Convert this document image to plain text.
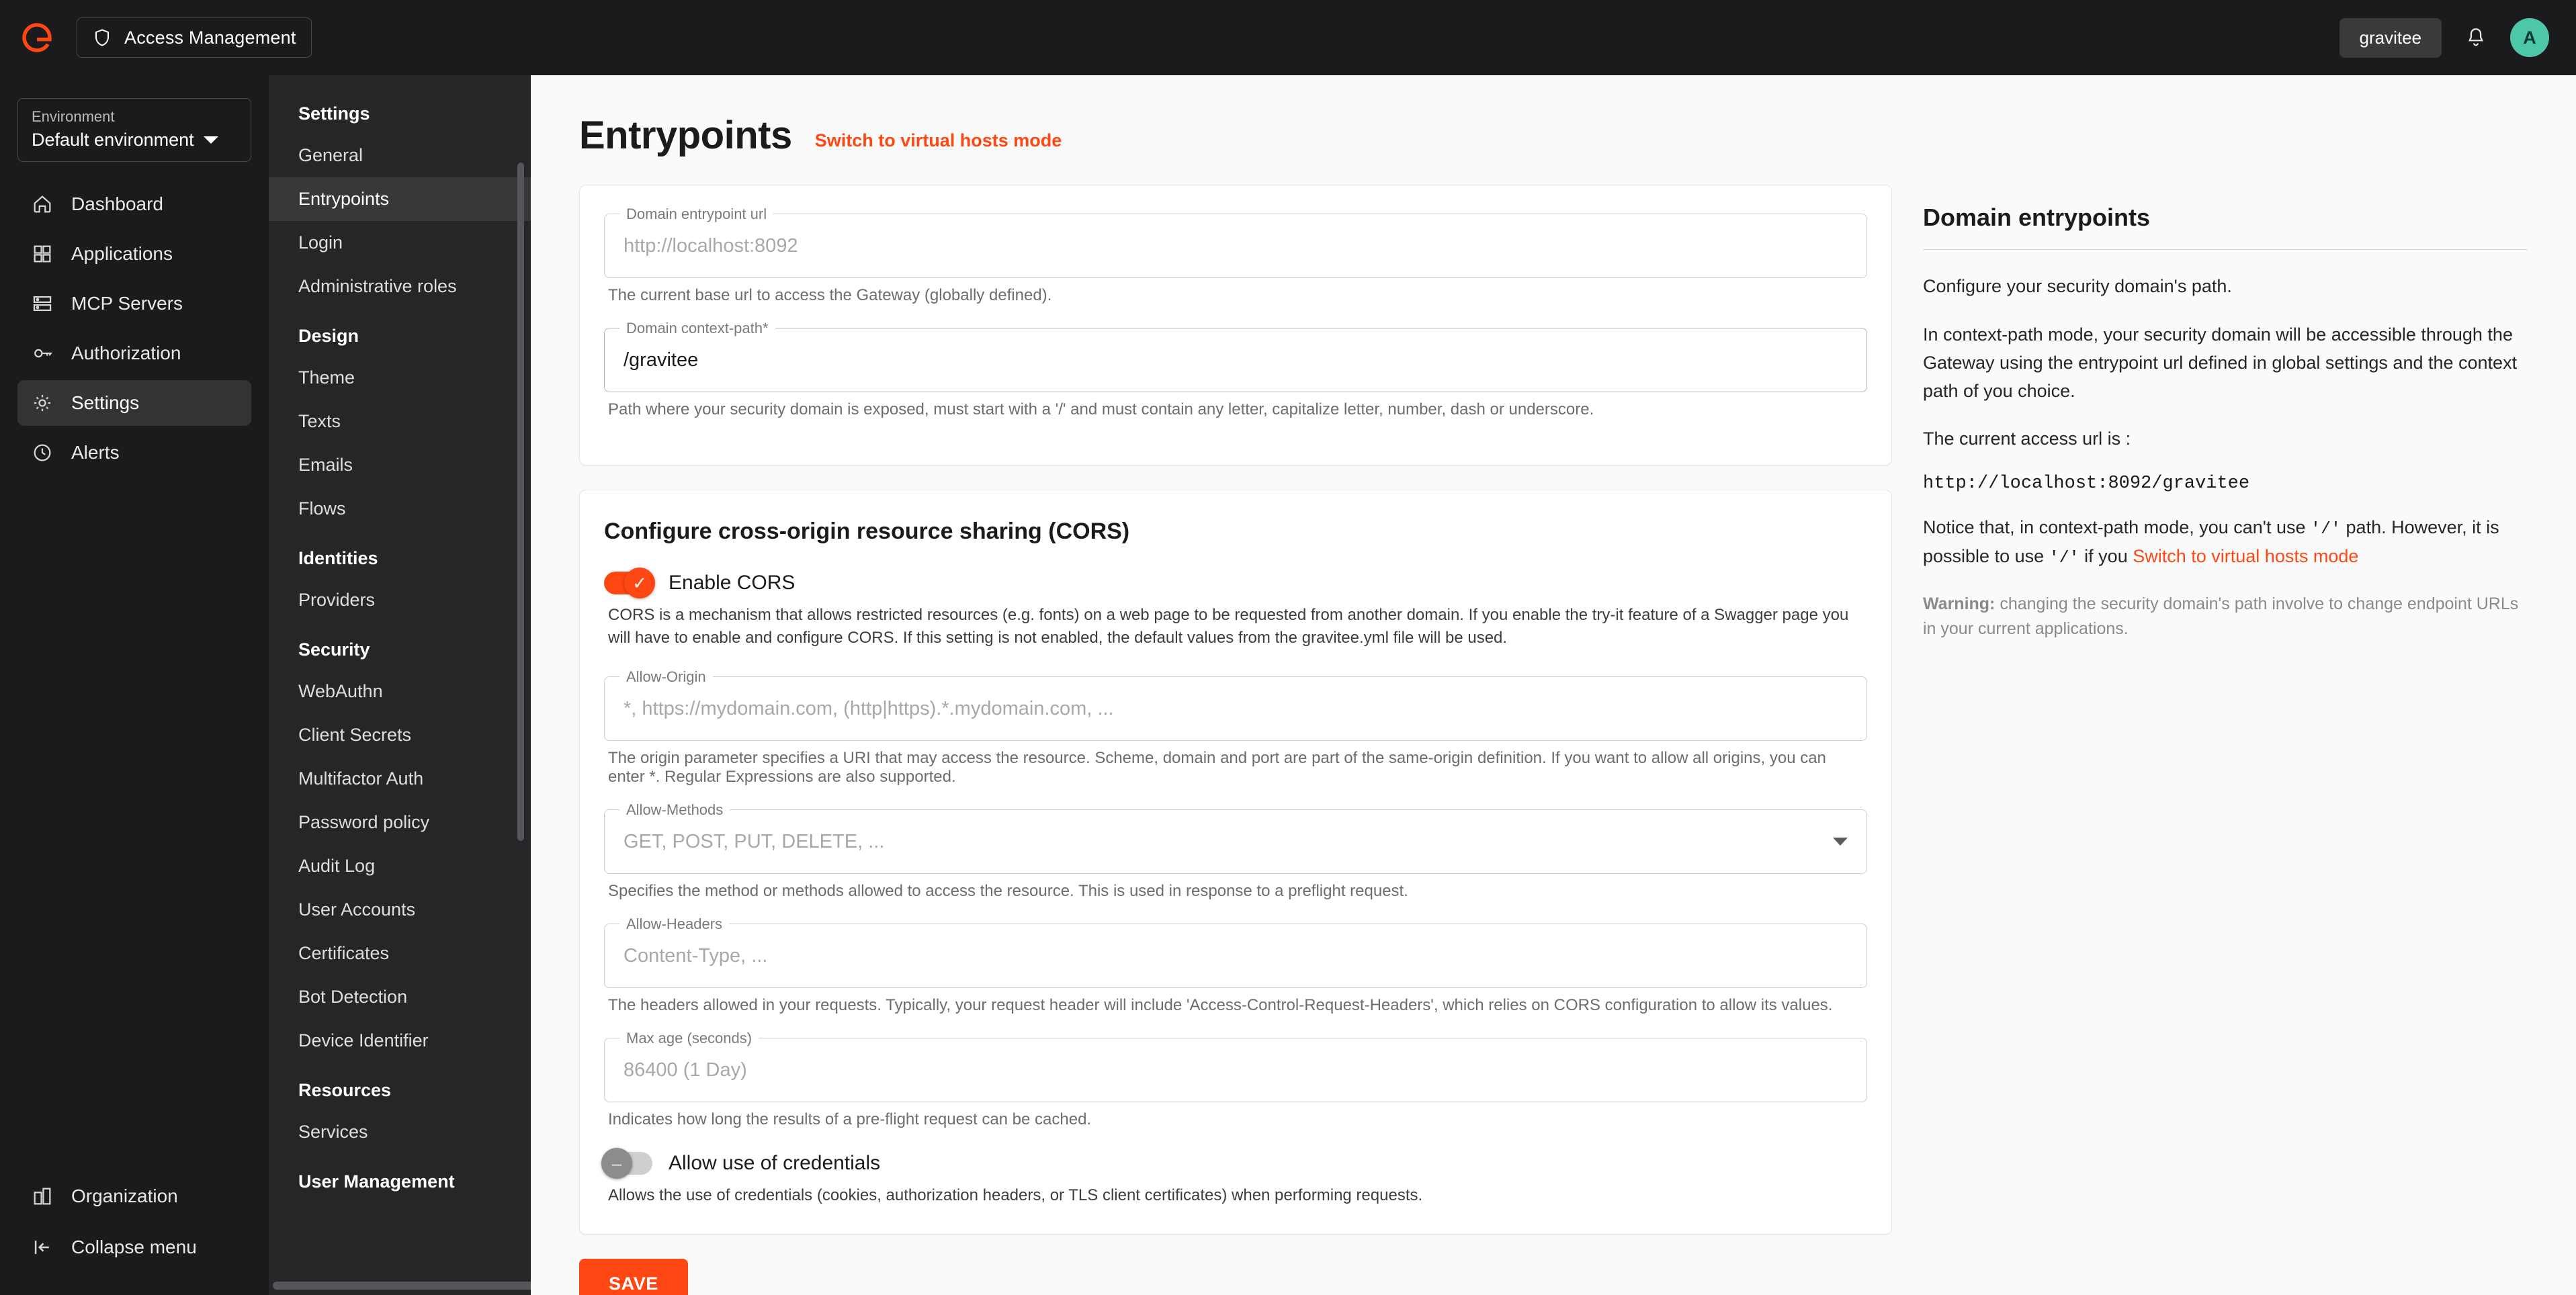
Access Management	gravitee	A
Environment
Default environment
Dashboard
Applications
MCP Servers
Authorization
Settings
Alerts
Organization
Collapse menu
Settings
General
Entrypoints
Login
Administrative roles
Design
Theme
Texts
Emails
Flows
Identities
Providers
Security
WebAuthn
Client Secrets
Multifactor Auth
Password policy
Audit Log
User Accounts
Certificates
Bot Detection
Device Identifier
Resources
Services
User Management
Entrypoints Switch to virtual hosts mode
Domain entrypoint url
http://localhost:8092
The current base url to access the Gateway (globally defined).
Domain context-path*
/gravitee
Path where your security domain is exposed, must start with a '/' and must contain any letter, capitalize letter, number, dash or underscore.
Configure cross-origin resource sharing (CORS)
✓ Enable CORS
CORS is a mechanism that allows restricted resources (e.g. fonts) on a web page to be requested from another domain. If you enable the try-it feature of a Swagger page you will have to enable and configure CORS. If this setting is not enabled, the default values from the gravitee.yml file will be used.
Allow-Origin
*, https://mydomain.com, (http|https).*.mydomain.com, ...
The origin parameter specifies a URI that may access the resource. Scheme, domain and port are part of the same-origin definition. If you want to allow all origins, you can enter *. Regular Expressions are also supported.
Allow-Methods
GET, POST, PUT, DELETE, ...
Specifies the method or methods allowed to access the resource. This is used in response to a preflight request.
Allow-Headers
Content-Type, ...
The headers allowed in your requests. Typically, your request header will include 'Access-Control-Request-Headers', which relies on CORS configuration to allow its values.
Max age (seconds)
86400 (1 Day)
Indicates how long the results of a pre-flight request can be cached.
– Allow use of credentials
Allows the use of credentials (cookies, authorization headers, or TLS client certificates) when performing requests.
SAVE
Domain entrypoints
Configure your security domain's path.
In context-path mode, your security domain will be accessible through the Gateway using the entrypoint url defined in global settings and the context path of you choice.
The current access url is :
http://localhost:8092/gravitee
Notice that, in context-path mode, you can't use '/' path. However, it is possible to use '/' if you Switch to virtual hosts mode
Warning: changing the security domain's path involve to change endpoint URLs in your current applications.
